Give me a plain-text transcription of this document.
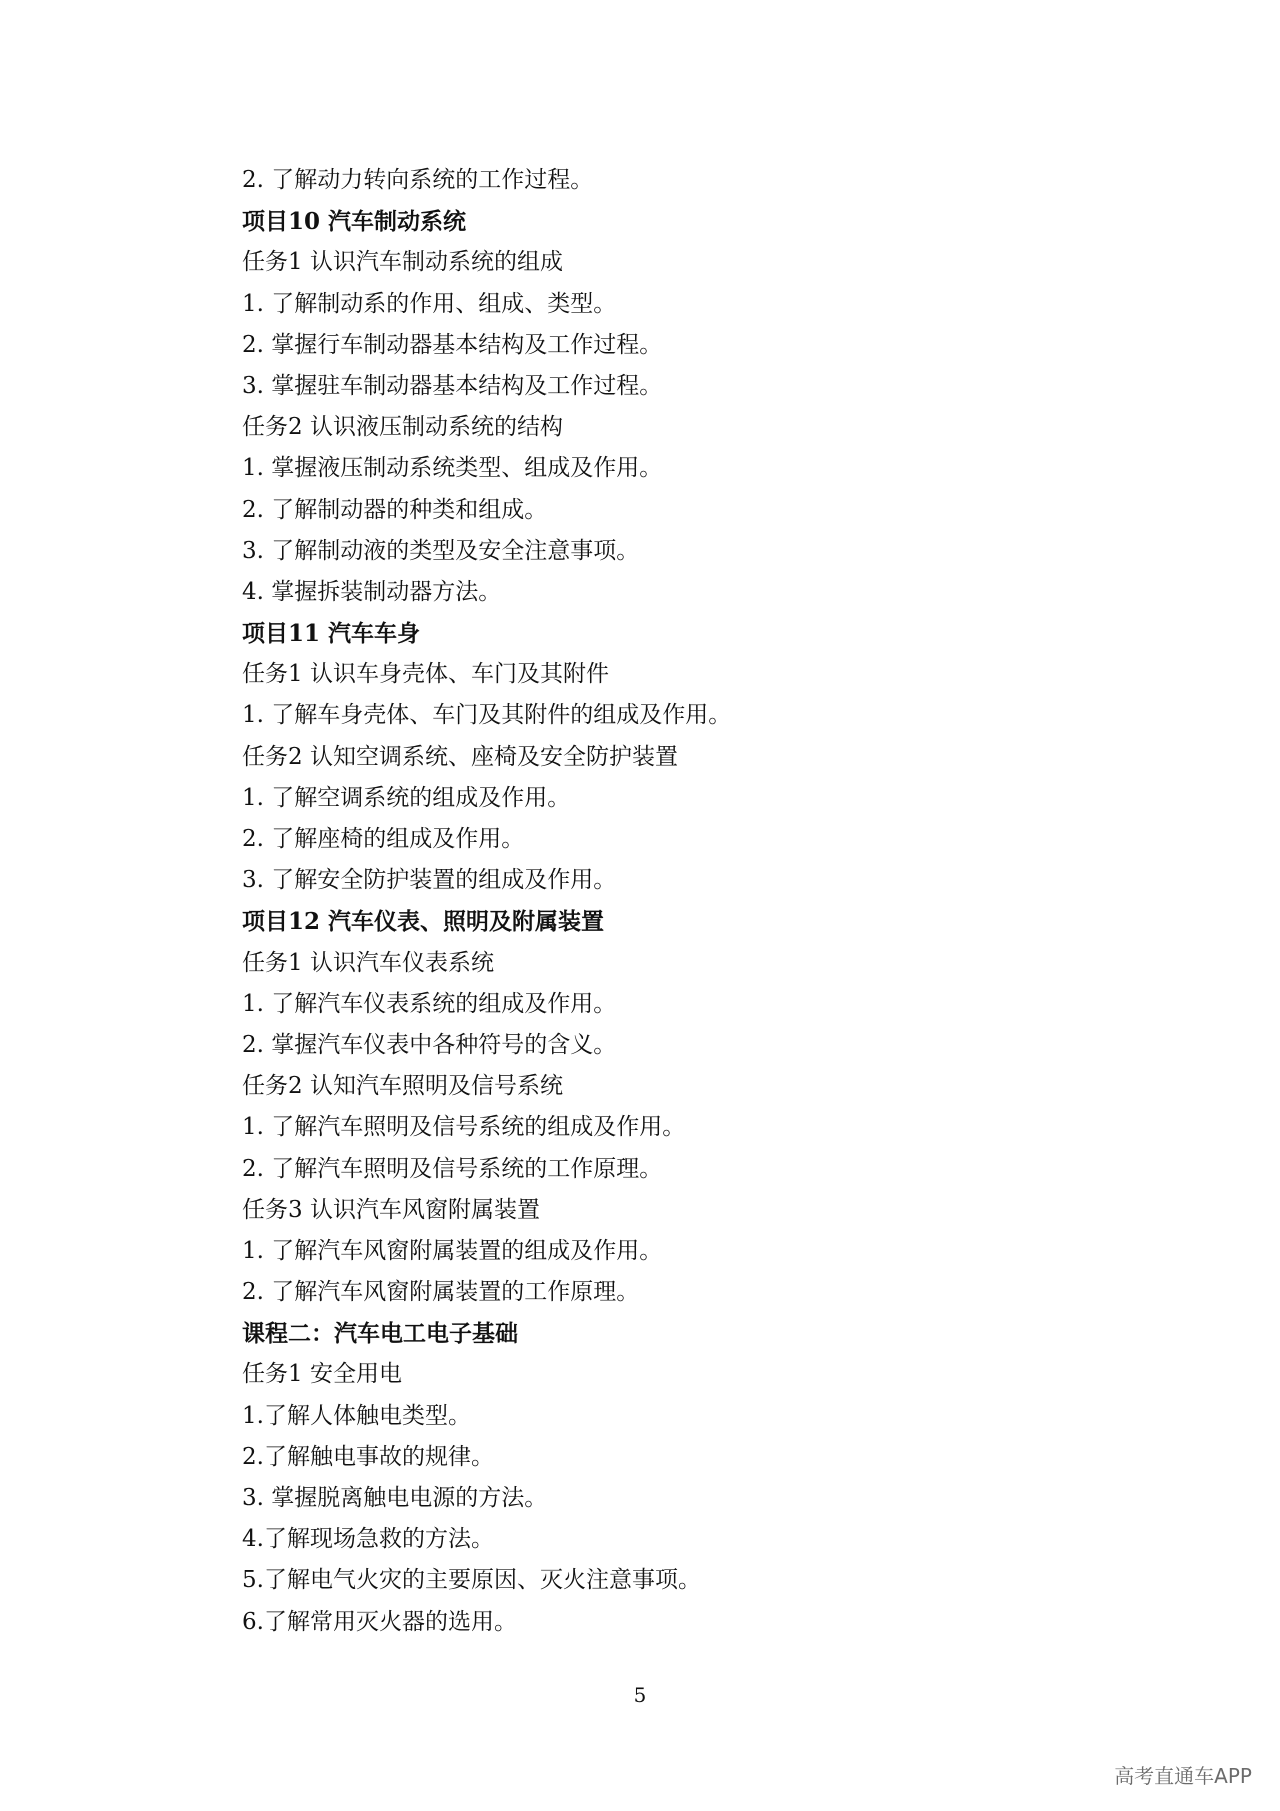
2. 了解动力转向系统的工作过程。
项目10 汽车制动系统
任务1 认识汽车制动系统的组成
1. 了解制动系的作用、组成、类型。
2. 掌握行车制动器基本结构及工作过程。
3. 掌握驻车制动器基本结构及工作过程。
任务2 认识液压制动系统的结构
1. 掌握液压制动系统类型、组成及作用。
2. 了解制动器的种类和组成。
3. 了解制动液的类型及安全注意事项。
4. 掌握拆装制动器方法。
项目11 汽车车身
任务1 认识车身壳体、车门及其附件
1. 了解车身壳体、车门及其附件的组成及作用。
任务2 认知空调系统、座椅及安全防护装置
1. 了解空调系统的组成及作用。
2. 了解座椅的组成及作用。
3. 了解安全防护装置的组成及作用。
项目12 汽车仪表、照明及附属装置
任务1 认识汽车仪表系统
1. 了解汽车仪表系统的组成及作用。
2. 掌握汽车仪表中各种符号的含义。
任务2 认知汽车照明及信号系统
1. 了解汽车照明及信号系统的组成及作用。
2. 了解汽车照明及信号系统的工作原理。
任务3 认识汽车风窗附属装置
1. 了解汽车风窗附属装置的组成及作用。
2. 了解汽车风窗附属装置的工作原理。
课程二：汽车电工电子基础
任务1 安全用电
1.了解人体触电类型。
2.了解触电事故的规律。
3. 掌握脱离触电电源的方法。
4.了解现场急救的方法。
5.了解电气火灾的主要原因、灭火注意事项。
6.了解常用灭火器的选用。
5
高考直通车APP
